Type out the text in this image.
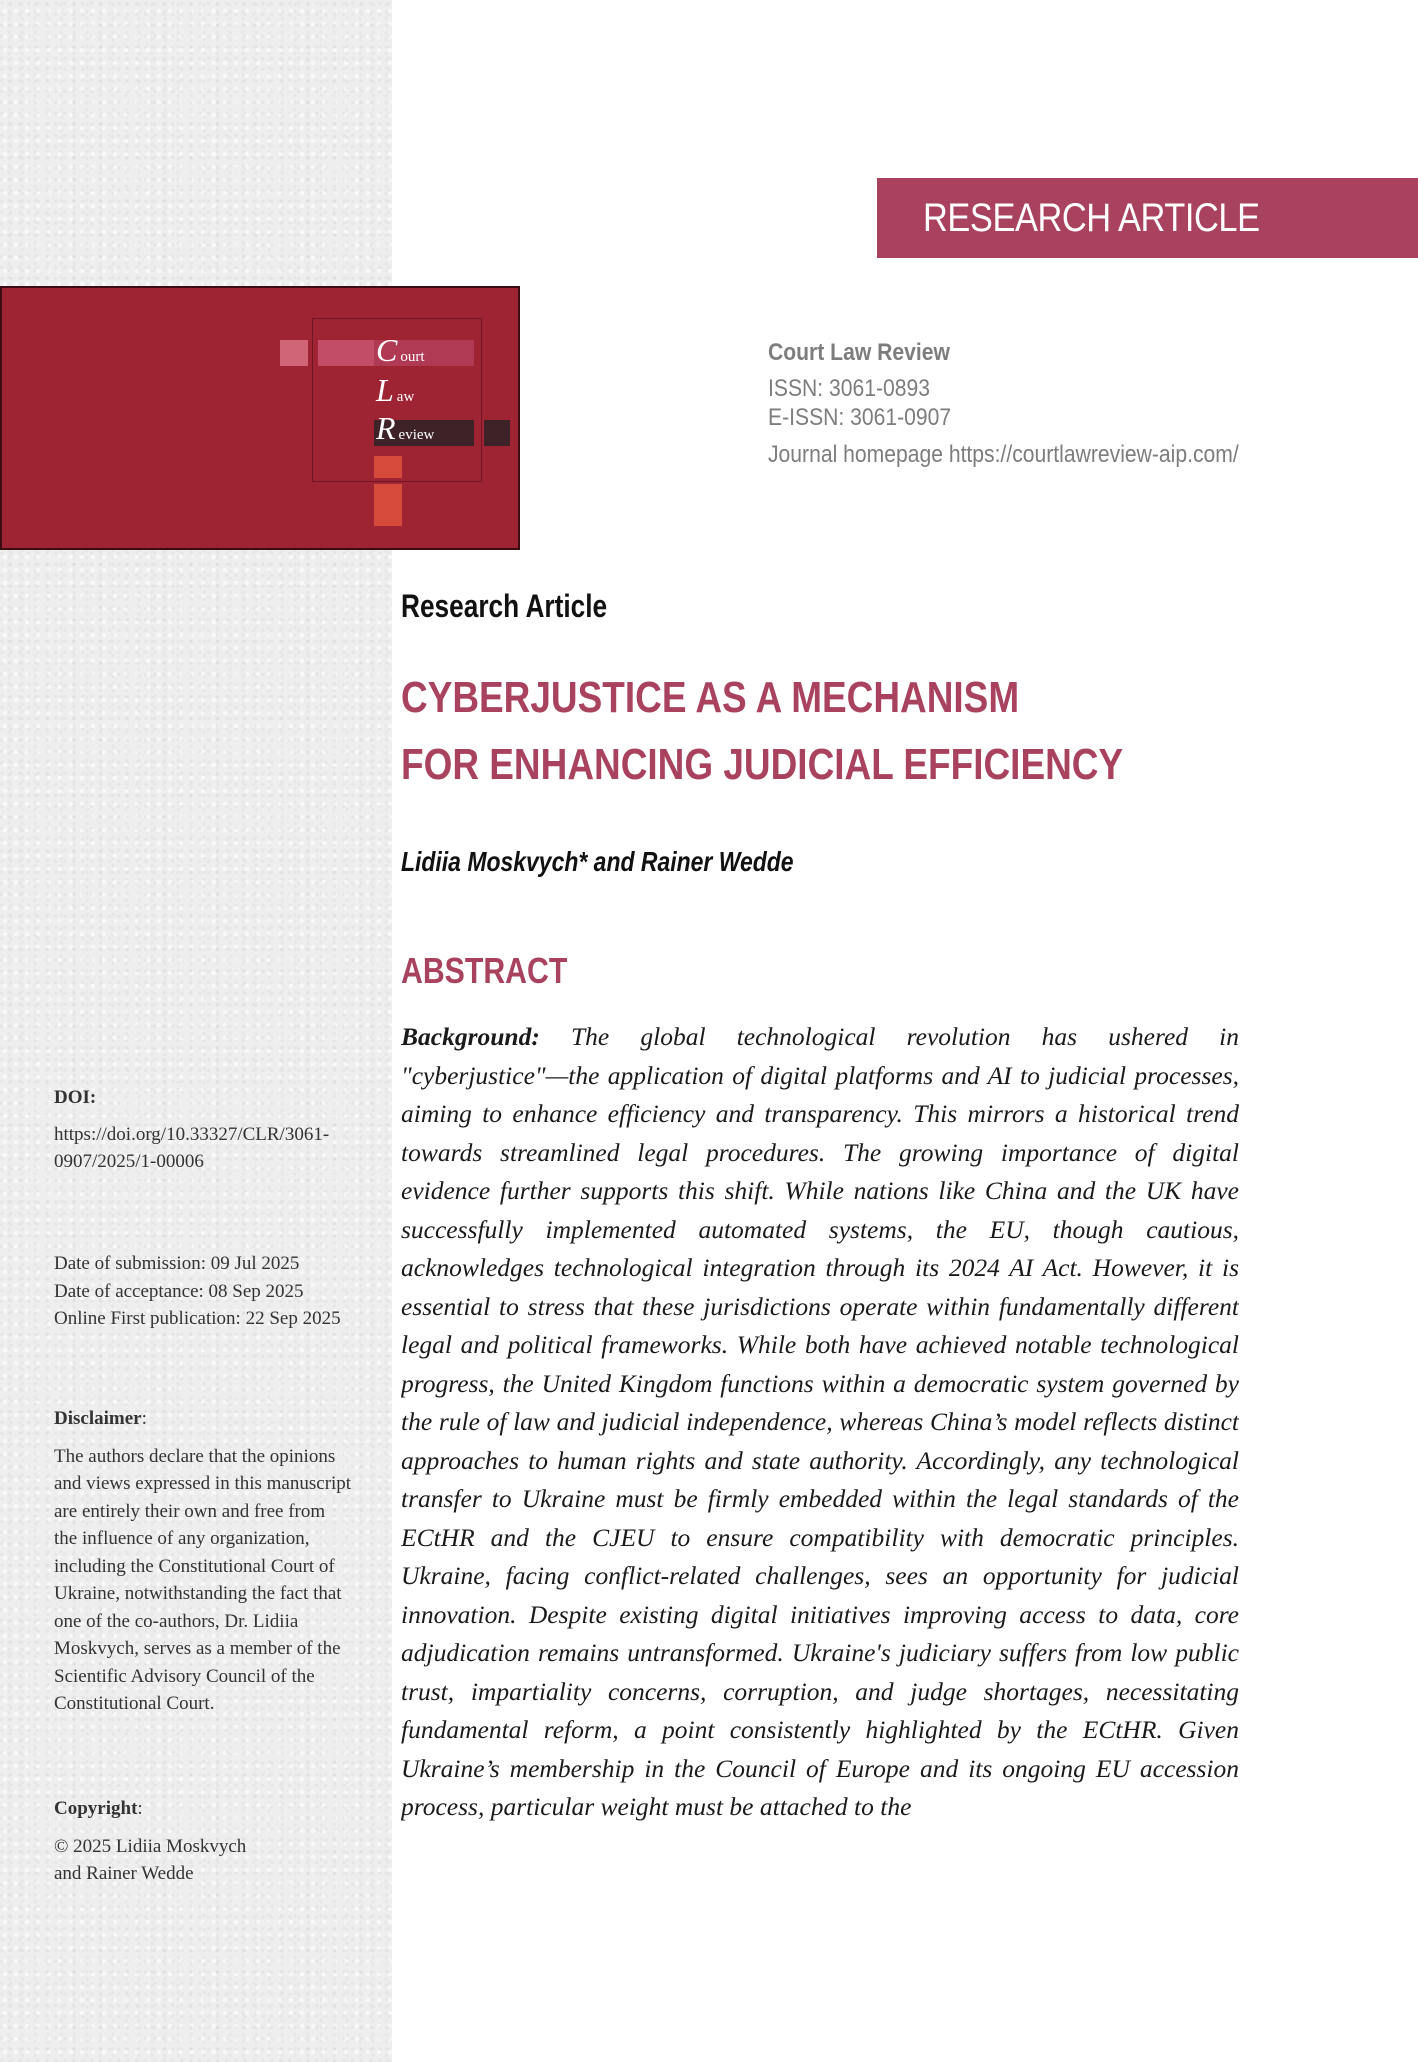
RESEARCH ARTICLE
Court
Law
Review
Court Law Review
ISSN: 3061-0893
E-ISSN: 3061-0907
Journal homepage https://courtlawreview-aip.com/
Research Article
CYBERJUSTICE AS A MECHANISM
FOR ENHANCING JUDICIAL EFFICIENCY
Lidiia Moskvych* and Rainer Wedde
ABSTRACT
Background: The global technological revolution has ushered in "cyberjustice"—the application of digital platforms and AI to judicial processes, aiming to enhance efficiency and transparency. This mirrors a historical trend towards streamlined legal procedures. The growing importance of digital evidence further supports this shift. While nations like China and the UK have successfully implemented automated systems, the EU, though cautious, acknowledges technological integration through its 2024 AI Act. However, it is essential to stress that these jurisdictions operate within fundamentally different legal and political frameworks. While both have achieved notable technological progress, the United Kingdom functions within a democratic system governed by the rule of law and judicial independence, whereas China’s model reflects distinct approaches to human rights and state authority. Accordingly, any technological transfer to Ukraine must be firmly embedded within the legal standards of the ECtHR and the CJEU to ensure compatibility with democratic principles. Ukraine, facing conflict-related challenges, sees an opportunity for judicial innovation. Despite existing digital initiatives improving access to data, core adjudication remains untransformed. Ukraine's judiciary suffers from low public trust, impartiality concerns, corruption, and judge shortages, necessitating fundamental reform, a point consistently highlighted by the ECtHR. Given Ukraine’s membership in the Council of Europe and its ongoing EU accession process, particular weight must be attached to the
DOI:
https://doi.org/10.33327/CLR/3061-
0907/2025/1-00006
Date of submission: 09 Jul 2025
Date of acceptance: 08 Sep 2025
Online First publication: 22 Sep 2025
Disclaimer:
The authors declare that the opinions
and views expressed in this manuscript
are entirely their own and free from
the influence of any organization,
including the Constitutional Court of
Ukraine, notwithstanding the fact that
one of the co-authors, Dr. Lidiia
Moskvych, serves as a member of the
Scientific Advisory Council of the
Constitutional Court.
Copyright:
© 2025 Lidiia Moskvych
and Rainer Wedde
